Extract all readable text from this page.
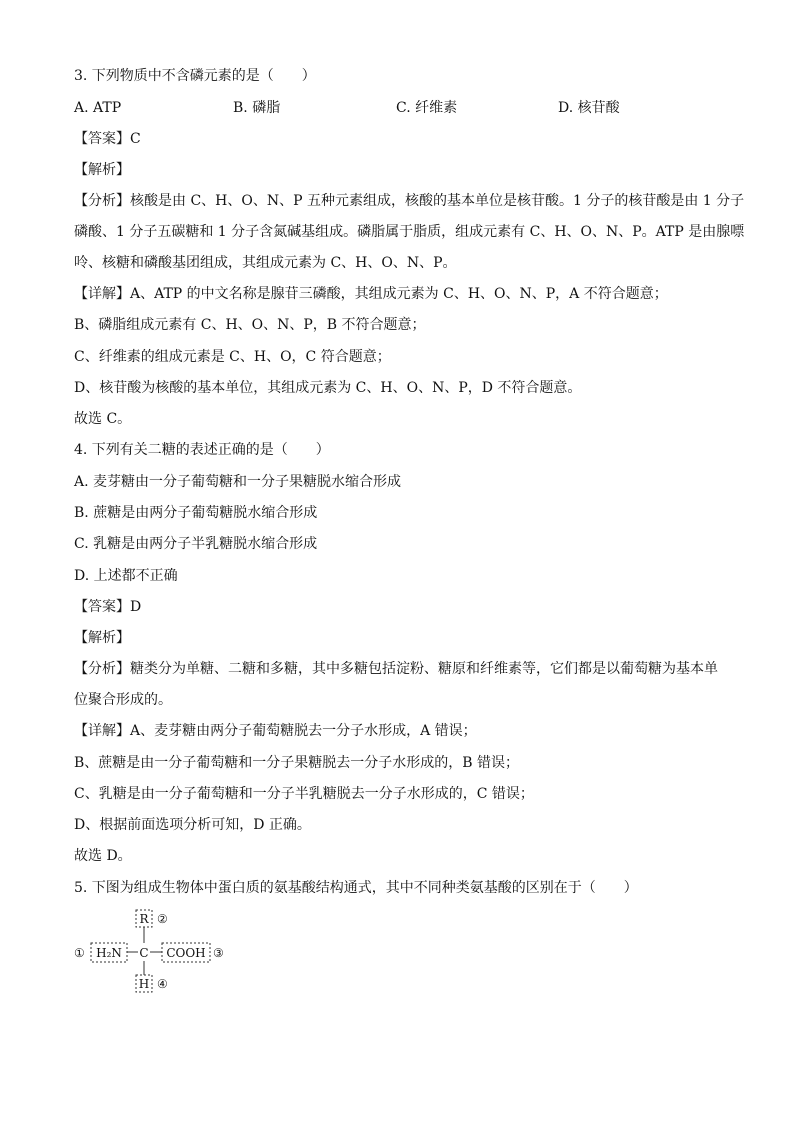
3. 下列物质中不含磷元素的是（　　）
A. ATP	B. 磷脂	C. 纤维素	D. 核苷酸
【答案】C
【解析】
【分析】核酸是由 C、H、O、N、P 五种元素组成，核酸的基本单位是核苷酸。1 分子的核苷酸是由 1 分子
磷酸、1 分子五碳糖和 1 分子含氮碱基组成。磷脂属于脂质，组成元素有 C、H、O、N、P。ATP 是由腺嘌
呤、核糖和磷酸基团组成，其组成元素为 C、H、O、N、P。
【详解】A、ATP 的中文名称是腺苷三磷酸，其组成元素为 C、H、O、N、P，A 不符合题意；
B、磷脂组成元素有 C、H、O、N、P，B 不符合题意；
C、纤维素的组成元素是 C、H、O，C 符合题意；
D、核苷酸为核酸的基本单位，其组成元素为 C、H、O、N、P，D 不符合题意。
故选 C。
4. 下列有关二糖的表述正确的是（　　）
A. 麦芽糖由一分子葡萄糖和一分子果糖脱水缩合形成
B. 蔗糖是由两分子葡萄糖脱水缩合形成
C. 乳糖是由两分子半乳糖脱水缩合形成
D. 上述都不正确
【答案】D
【解析】
【分析】糖类分为单糖、二糖和多糖，其中多糖包括淀粉、糖原和纤维素等，它们都是以葡萄糖为基本单
位聚合形成的。
【详解】A、麦芽糖由两分子葡萄糖脱去一分子水形成，A 错误；
B、蔗糖是由一分子葡萄糖和一分子果糖脱去一分子水形成的，B 错误；
C、乳糖是由一分子葡萄糖和一分子半乳糖脱去一分子水形成的，C 错误；
D、根据前面选项分析可知，D 正确。
故选 D。
5. 下图为组成生物体中蛋白质的氨基酸结构通式，其中不同种类氨基酸的区别在于（　　）
R ②
① H₂N C COOH ③
H ④
